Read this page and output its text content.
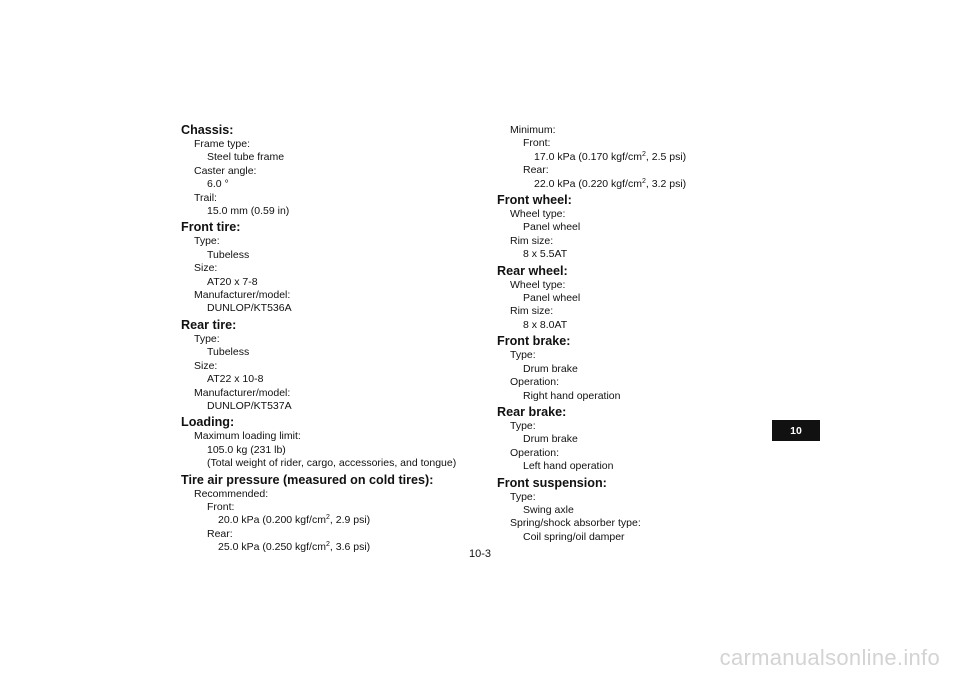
Chassis:
Frame type:
Steel tube frame
Caster angle:
6.0 °
Trail:
15.0 mm (0.59 in)
Front tire:
Type:
Tubeless
Size:
AT20 x 7-8
Manufacturer/model:
DUNLOP/KT536A
Rear tire:
Type:
Tubeless
Size:
AT22 x 10-8
Manufacturer/model:
DUNLOP/KT537A
Loading:
Maximum loading limit:
105.0 kg (231 lb)
(Total weight of rider, cargo, accessories, and tongue)
Tire air pressure (measured on cold tires):
Recommended:
Front:
20.0 kPa (0.200 kgf/$cm^2$, 2.9 psi)
Rear:
25.0 kPa (0.250 kgf/$cm^2$, 3.6 psi)
Minimum:
Front:
17.0 kPa (0.170 kgf/$cm^2$, 2.5 psi)
Rear:
22.0 kPa (0.220 kgf/$cm^2$, 3.2 psi)
Front wheel:
Wheel type:
Panel wheel
Rim size:
8 x 5.5AT
Rear wheel:
Wheel type:
Panel wheel
Rim size:
8 x 8.0AT
Front brake:
Type:
Drum brake
Operation:
Right hand operation
Rear brake:
Type:
Drum brake
Operation:
Left hand operation
Front suspension:
Type:
Swing axle
Spring/shock absorber type:
Coil spring/oil damper
10-3
10
carmanualsonline.info
